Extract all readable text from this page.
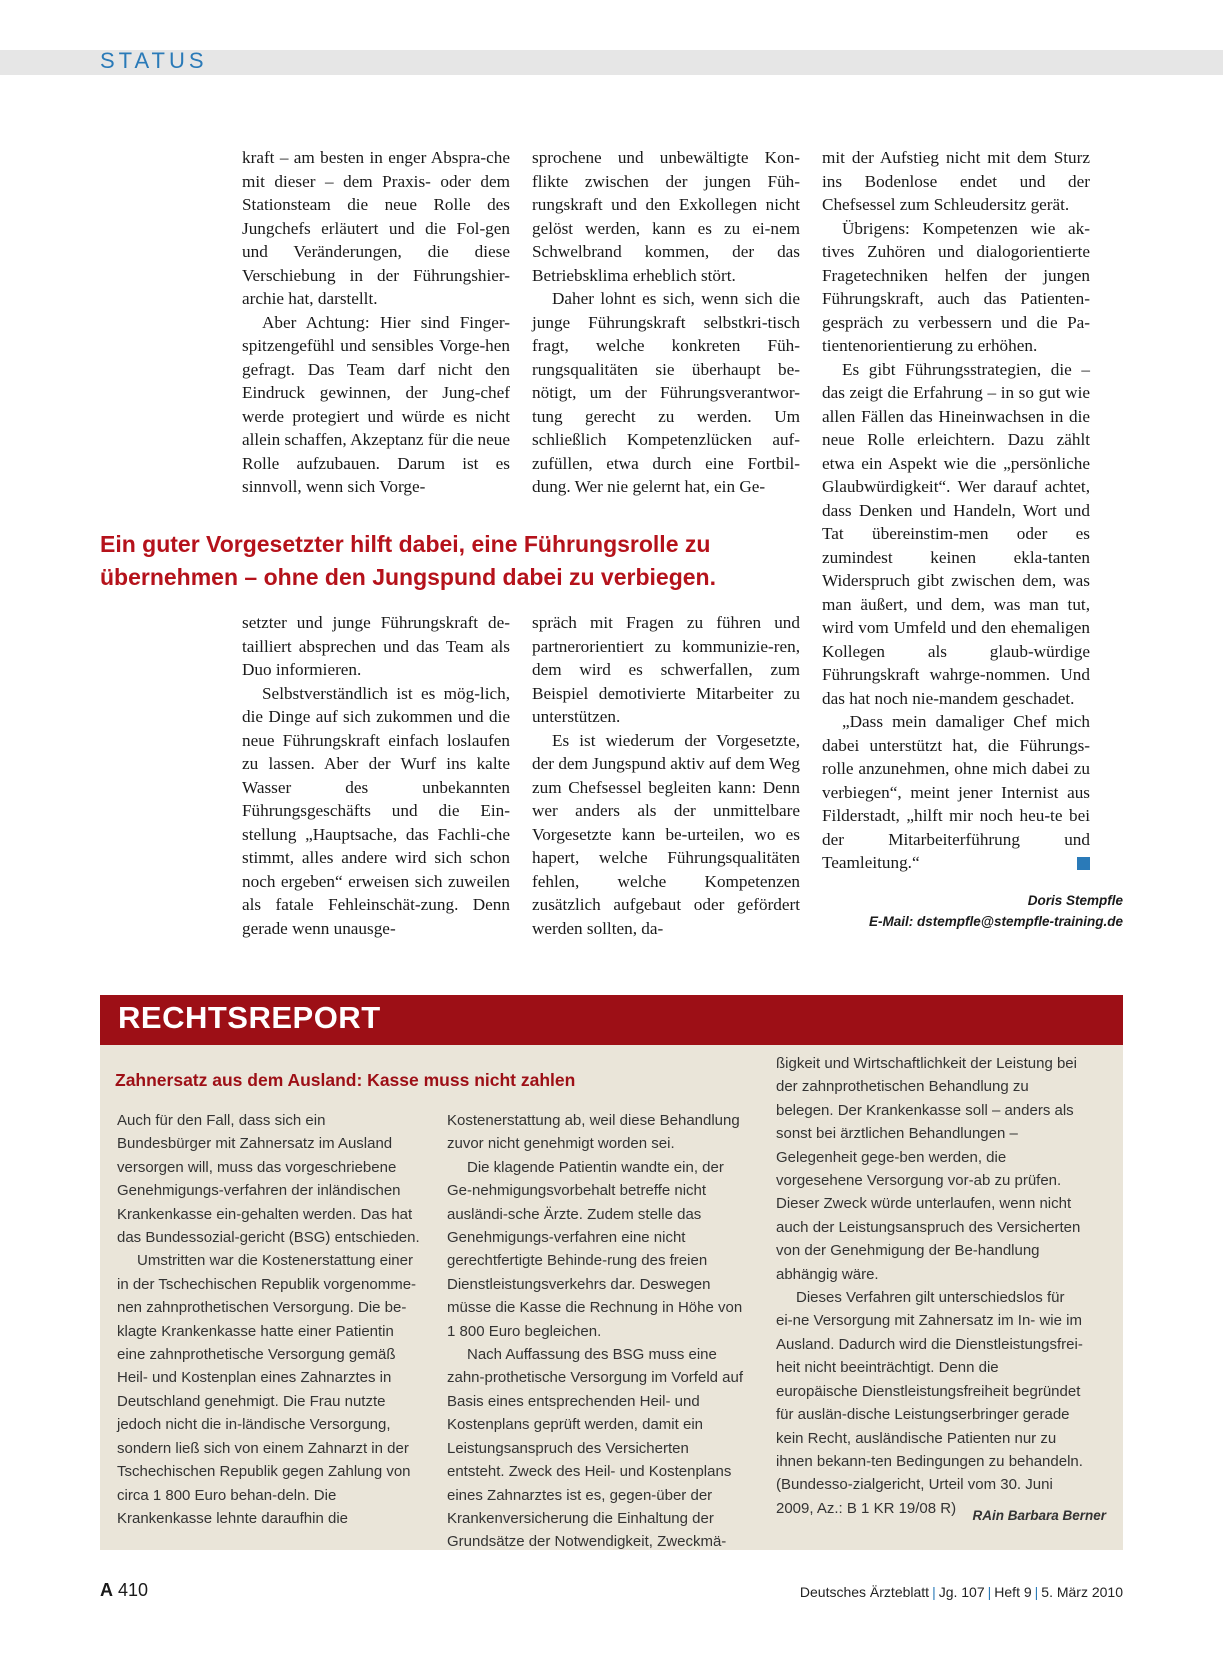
STATUS

kraft – am besten in enger Abspra-che mit dieser – dem Praxis- oder dem Stationsteam die neue Rolle des Jungchefs erläutert und die Fol-gen und Veränderungen, die diese Verschiebung in der Führungshier-archie hat, darstellt.

Aber Achtung: Hier sind Finger-spitzengefühl und sensibles Vorge-hen gefragt. Das Team darf nicht den Eindruck gewinnen, der Jung-chef werde protegiert und würde es nicht allein schaffen, Akzeptanz für die neue Rolle aufzubauen. Darum ist es sinnvoll, wenn sich Vorge-

sprochene und unbewältigte Kon-flikte zwischen der jungen Füh-rungskraft und den Exkollegen nicht gelöst werden, kann es zu ei-nem Schwelbrand kommen, der das Betriebsklima erheblich stört.

Daher lohnt es sich, wenn sich die junge Führungskraft selbstkri-tisch fragt, welche konkreten Füh-rungsqualitäten sie überhaupt be-nötigt, um der Führungsverantwor-tung gerecht zu werden. Um schließlich Kompetenzlücken auf-zufüllen, etwa durch eine Fortbil-dung. Wer nie gelernt hat, ein Ge-

mit der Aufstieg nicht mit dem Sturz ins Bodenlose endet und der Chefsessel zum Schleudersitz gerät.

Übrigens: Kompetenzen wie ak-tives Zuhören und dialogorientierte Fragetechniken helfen der jungen Führungskraft, auch das Patienten-gespräch zu verbessern und die Pa-tientenorientierung zu erhöhen.

Es gibt Führungsstrategien, die – das zeigt die Erfahrung – in so gut wie allen Fällen das Hineinwachsen in die neue Rolle erleichtern. Dazu zählt etwa ein Aspekt wie die „persönliche Glaubwürdigkeit“. Wer darauf achtet, dass Denken und Handeln, Wort und Tat übereinstim-men oder es zumindest keinen ekla-tanten Widerspruch gibt zwischen dem, was man äußert, und dem, was man tut, wird vom Umfeld und den ehemaligen Kollegen als glaub-würdige Führungskraft wahrge-nommen. Und das hat noch nie-mandem geschadet.

„Dass mein damaliger Chef mich dabei unterstützt hat, die Führungs-rolle anzunehmen, ohne mich dabei zu verbiegen“, meint jener Internist aus Filderstadt, „hilft mir noch heu-te bei der Mitarbeiterführung und Teamleitung.“

Ein guter Vorgesetzter hilft dabei, eine Führungsrolle zu übernehmen – ohne den Jungspund dabei zu verbiegen.

setzter und junge Führungskraft de-tailliert absprechen und das Team als Duo informieren.

Selbstverständlich ist es mög-lich, die Dinge auf sich zukommen und die neue Führungskraft einfach loslaufen zu lassen. Aber der Wurf ins kalte Wasser des unbekannten Führungsgeschäfts und die Ein-stellung „Hauptsache, das Fachli-che stimmt, alles andere wird sich schon noch ergeben“ erweisen sich zuweilen als fatale Fehleinschät-zung. Denn gerade wenn unausge-

spräch mit Fragen zu führen und partnerorientiert zu kommunizie-ren, dem wird es schwerfallen, zum Beispiel demotivierte Mitarbeiter zu unterstützen.

Es ist wiederum der Vorgesetzte, der dem Jungspund aktiv auf dem Weg zum Chefsessel begleiten kann: Denn wer anders als der unmittelbare Vorgesetzte kann be-urteilen, wo es hapert, welche Führungsqualitäten fehlen, welche Kompetenzen zusätzlich aufgebaut oder gefördert werden sollten, da-

Doris Stempfle
E-Mail: dstempfle@stempfle-training.de
RECHTSREPORT
Zahnersatz aus dem Ausland: Kasse muss nicht zahlen

Auch für den Fall, dass sich ein Bundesbürger mit Zahnersatz im Ausland versorgen will, muss das vorgeschriebene Genehmigungs-verfahren der inländischen Krankenkasse ein-gehalten werden. Das hat das Bundessozial-gericht (BSG) entschieden.

Umstritten war die Kostenerstattung einer in der Tschechischen Republik vorgenomme-nen zahnprothetischen Versorgung. Die be-klagte Krankenkasse hatte einer Patientin eine zahnprothetische Versorgung gemäß Heil- und Kostenplan eines Zahnarztes in Deutschland genehmigt. Die Frau nutzte jedoch nicht die in-ländische Versorgung, sondern ließ sich von einem Zahnarzt in der Tschechischen Republik gegen Zahlung von circa 1 800 Euro behan-deln. Die Krankenkasse lehnte daraufhin die

Kostenerstattung ab, weil diese Behandlung zuvor nicht genehmigt worden sei.

Die klagende Patientin wandte ein, der Ge-nehmigungsvorbehalt betreffe nicht ausländi-sche Ärzte. Zudem stelle das Genehmigungs-verfahren eine nicht gerechtfertigte Behinde-rung des freien Dienstleistungsverkehrs dar. Deswegen müsse die Kasse die Rechnung in Höhe von 1 800 Euro begleichen.

Nach Auffassung des BSG muss eine zahn-prothetische Versorgung im Vorfeld auf Basis eines entsprechenden Heil- und Kostenplans geprüft werden, damit ein Leistungsanspruch des Versicherten entsteht. Zweck des Heil- und Kostenplans eines Zahnarztes ist es, gegen-über der Krankenversicherung die Einhaltung der Grundsätze der Notwendigkeit, Zweckmä-

ßigkeit und Wirtschaftlichkeit der Leistung bei der zahnprothetischen Behandlung zu belegen. Der Krankenkasse soll – anders als sonst bei ärztlichen Behandlungen – Gelegenheit gege-ben werden, die vorgesehene Versorgung vor-ab zu prüfen. Dieser Zweck würde unterlaufen, wenn nicht auch der Leistungsanspruch des Versicherten von der Genehmigung der Be-handlung abhängig wäre.

Dieses Verfahren gilt unterschiedslos für ei-ne Versorgung mit Zahnersatz im In- wie im Ausland. Dadurch wird die Dienstleistungsfrei-heit nicht beeinträchtigt. Denn die europäische Dienstleistungsfreiheit begründet für auslän-dische Leistungserbringer gerade kein Recht, ausländische Patienten nur zu ihnen bekann-ten Bedingungen zu behandeln. (Bundesso-zialgericht, Urteil vom 30. Juni 2009, Az.: B 1 KR 19/08 R)	RAin Barbara Berner
A 410	Deutsches Ärzteblatt | Jg. 107 | Heft 9 | 5. März 2010
